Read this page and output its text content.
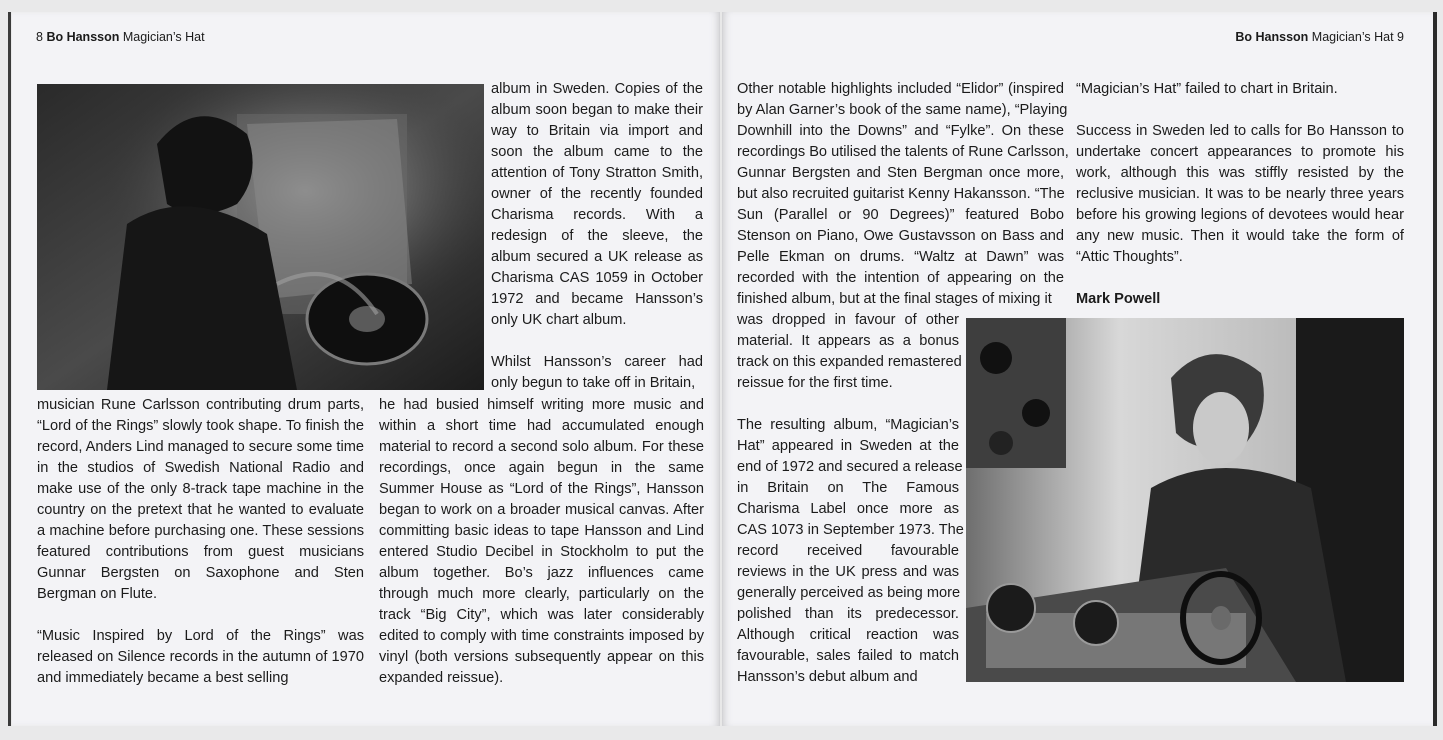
8 Bo Hansson Magician’s Hat	Bo Hansson Magician’s Hat 9
album in Sweden. Copies of the
album soon began to make their
way to Britain via import and
soon the album came to the
attention of Tony Stratton Smith,
owner of the recently founded
Charisma records. With a
redesign of the sleeve, the
album secured a UK release as
Charisma CAS 1059 in October
1972 and became Hansson’s
only UK chart album.
Whilst Hansson’s career had
only begun to take off in Britain,

musician Rune Carlsson contributing drum parts, “Lord of the Rings” slowly took shape. To finish the record, Anders Lind managed to secure some time in the studios of Swedish National Radio and make use of the only 8-track tape machine in the country on the pretext that he wanted to evaluate a machine before purchasing one. These sessions featured contributions from guest musicians Gunnar Bergsten on Saxophone and Sten Bergman on Flute.

“Music Inspired by Lord of the Rings” was released on Silence records in the autumn of 1970 and immediately became a best selling

he had busied himself writing more music and within a short time had accumulated enough material to record a second solo album. For these recordings, once again begun in the same Summer House as “Lord of the Rings”, Hansson began to work on a broader musical canvas. After committing basic ideas to tape Hansson and Lind entered Studio Decibel in Stockholm to put the album together. Bo’s jazz influences came through much more clearly, particularly on the track “Big City”, which was later considerably edited to comply with time constraints imposed by vinyl (both versions subsequently appear on this expanded reissue).

Other notable highlights included “Elidor” (inspired
by Alan Garner’s book of the same name), “Playing
Downhill into the Downs” and “Fylke”. On these
recordings Bo utilised the talents of Rune Carlsson,
Gunnar Bergsten and Sten Bergman once more,
but also recruited guitarist Kenny Hakansson. “The
Sun (Parallel or 90 Degrees)” featured Bobo
Stenson on Piano, Owe Gustavsson on Bass and
Pelle Ekman on drums. “Waltz at Dawn” was
recorded with the intention of appearing on the
finished album, but at the final stages of mixing it
was dropped in favour of other
material. It appears as a bonus
track on this expanded remastered
reissue for the first time.
The resulting album, “Magician’s
Hat” appeared in Sweden at the
end of 1972 and secured a release
in Britain on The Famous
Charisma Label once more as
CAS 1073 in September 1973. The
record received favourable
reviews in the UK press and was
generally perceived as being more
polished than its predecessor.
Although critical reaction was
favourable, sales failed to match
Hansson’s debut album and

“Magician’s Hat” failed to chart in Britain.

Success in Sweden led to calls for Bo Hansson to undertake concert appearances to promote his work, although this was stiffly resisted by the reclusive musician. It was to be nearly three years before his growing legions of devotees would hear any new music. Then it would take the form of “Attic Thoughts”.

Mark Powell
